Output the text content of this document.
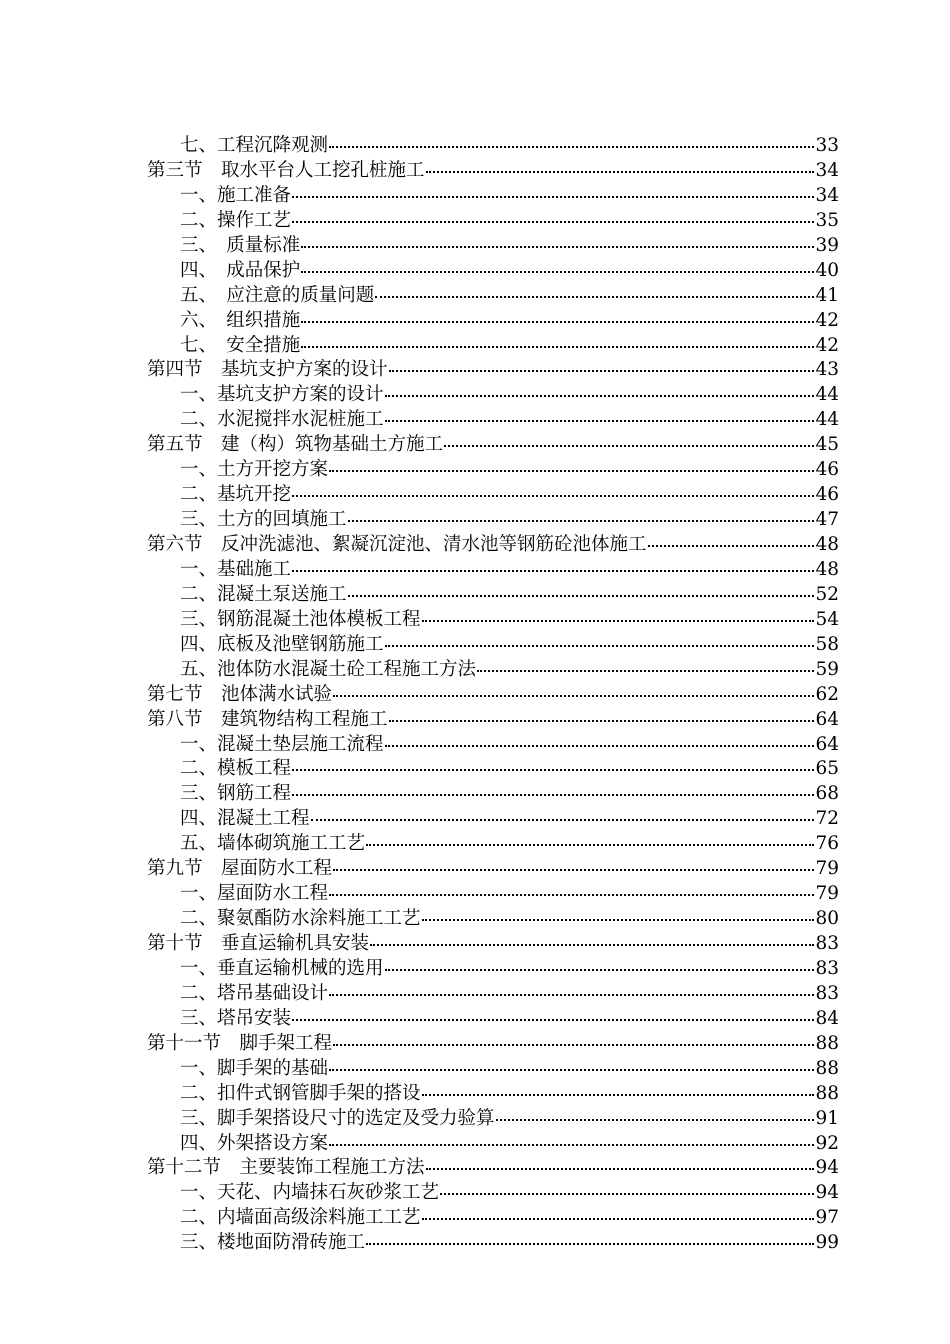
七、工程沉降观测	33
第三节　取水平台人工挖孔桩施工	34
一、施工准备	34
二、操作工艺	35
三、　质量标准	39
四、　成品保护	40
五、　应注意的质量问题	41
六、　组织措施	42
七、　安全措施	42
第四节　基坑支护方案的设计	43
一、基坑支护方案的设计	44
二、水泥搅拌水泥桩施工	44
第五节　建（构）筑物基础土方施工	45
一、土方开挖方案	46
二、基坑开挖	46
三、土方的回填施工	47
第六节　反冲洗滤池、絮凝沉淀池、清水池等钢筋砼池体施工	48
一、基础施工	48
二、混凝土泵送施工	52
三、钢筋混凝土池体模板工程	54
四、底板及池壁钢筋施工	58
五、池体防水混凝土砼工程施工方法	59
第七节　池体满水试验	62
第八节　建筑物结构工程施工	64
一、混凝土垫层施工流程	64
二、模板工程	65
三、钢筋工程	68
四、混凝土工程	72
五、墙体砌筑施工工艺	76
第九节　屋面防水工程	79
一、屋面防水工程	79
二、聚氨酯防水涂料施工工艺	80
第十节　垂直运输机具安装	83
一、垂直运输机械的选用	83
二、塔吊基础设计	83
三、塔吊安装	84
第十一节　脚手架工程	88
一、脚手架的基础	88
二、扣件式钢管脚手架的搭设	88
三、脚手架搭设尺寸的选定及受力验算	91
四、外架搭设方案	92
第十二节　主要装饰工程施工方法	94
一、天花、内墙抹石灰砂浆工艺	94
二、内墙面高级涂料施工工艺	97
三、楼地面防滑砖施工	99
